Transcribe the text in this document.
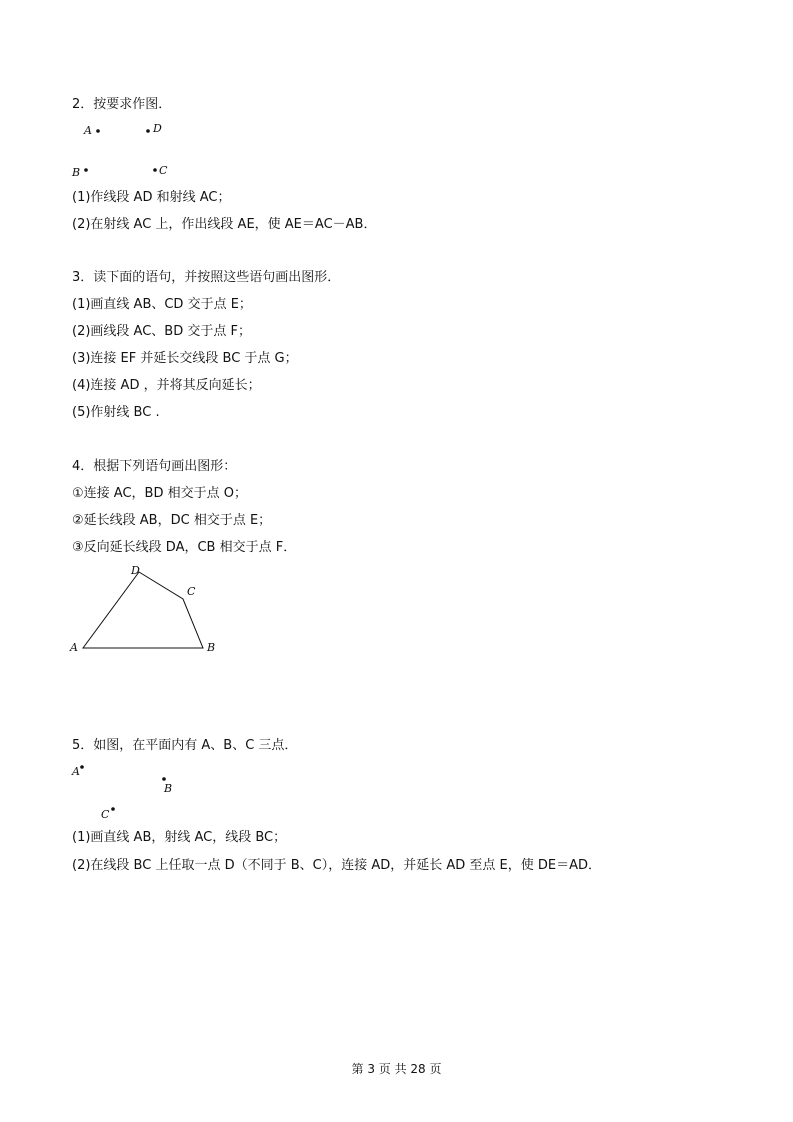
2．按要求作图．
A	D
B	C
(1)作线段 AD 和射线 AC；
(2)在射线 AC 上，作出线段 AE，使 AE＝AC－AB．
3．读下面的语句，并按照这些语句画出图形．
(1)画直线 AB、CD 交于点 E；
(2)画线段 AC、BD 交于点 F；
(3)连接 EF 并延长交线段 BC 于点 G；
(4)连接 AD ，并将其反向延长；
(5)作射线 BC .
4．根据下列语句画出图形：
①连接 AC，BD 相交于点 O；
②延长线段 AB，DC 相交于点 E；
③反向延长线段 DA，CB 相交于点 F．
A	B
C
D
5．如图，在平面内有 A、B、C 三点．
A
B
C
(1)画直线 AB，射线 AC，线段 BC；
(2)在线段 BC 上任取一点 D（不同于 B、C），连接 AD，并延长 AD 至点 E，使 DE＝AD．
第 3 页 共 28 页
